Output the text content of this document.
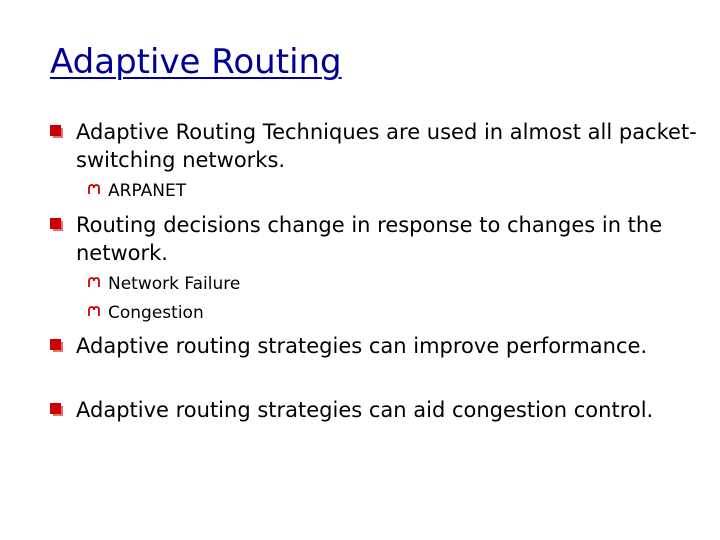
Adaptive Routing
Adaptive Routing Techniques are used in almost all packet-switching networks.
ARPANET
Routing decisions change in response to changes in the network.
Network Failure
Congestion
Adaptive routing strategies can improve performance.
Adaptive routing strategies can aid congestion control.
